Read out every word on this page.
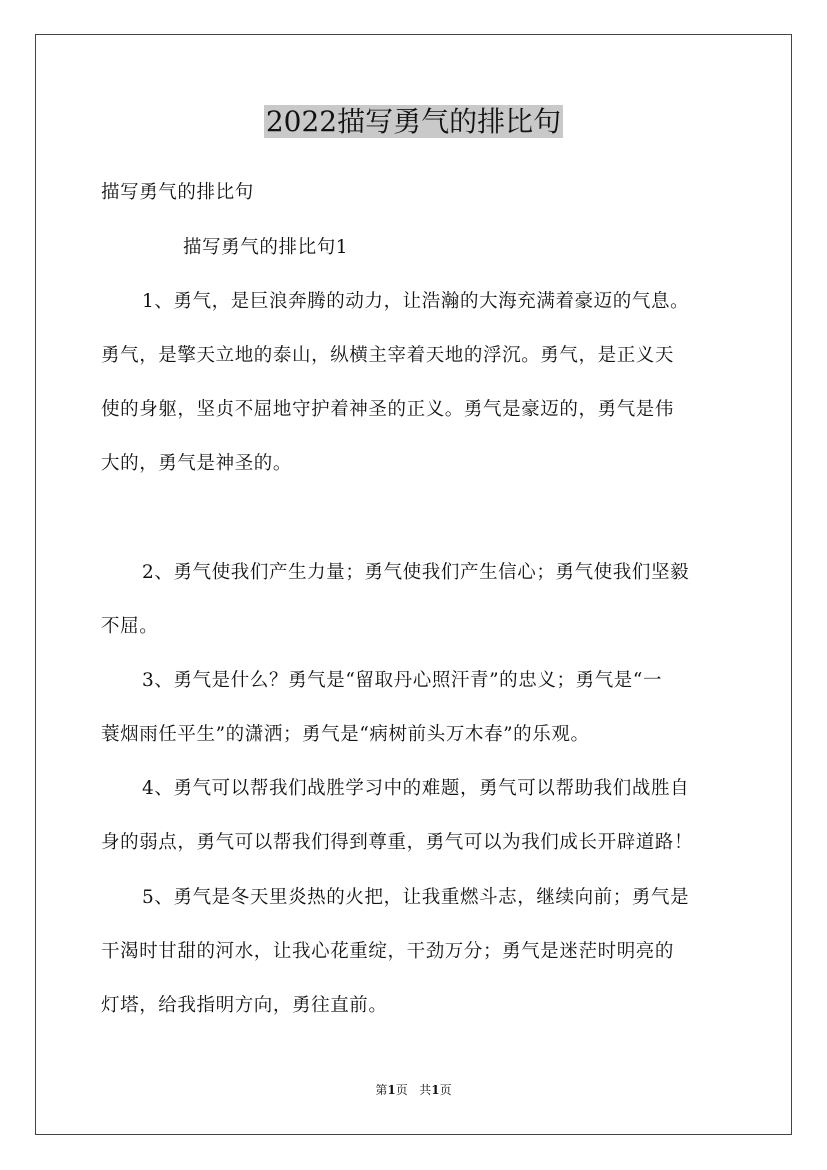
2022描写勇气的排比句
描写勇气的排比句
描写勇气的排比句1
1、勇气，是巨浪奔腾的动力，让浩瀚的大海充满着豪迈的气息。
勇气，是擎天立地的泰山，纵横主宰着天地的浮沉。勇气，是正义天
使的身躯，坚贞不屈地守护着神圣的正义。勇气是豪迈的，勇气是伟
大的，勇气是神圣的。
2、勇气使我们产生力量；勇气使我们产生信心；勇气使我们坚毅
不屈。
3、勇气是什么？勇气是“留取丹心照汗青”的忠义；勇气是“一
蓑烟雨任平生”的潇洒；勇气是“病树前头万木春”的乐观。
4、勇气可以帮我们战胜学习中的难题，勇气可以帮助我们战胜自
身的弱点，勇气可以帮我们得到尊重，勇气可以为我们成长开辟道路！
5、勇气是冬天里炎热的火把，让我重燃斗志，继续向前；勇气是
干渴时甘甜的河水，让我心花重绽，干劲万分；勇气是迷茫时明亮的
灯塔，给我指明方向，勇往直前。
第1页 共1页
